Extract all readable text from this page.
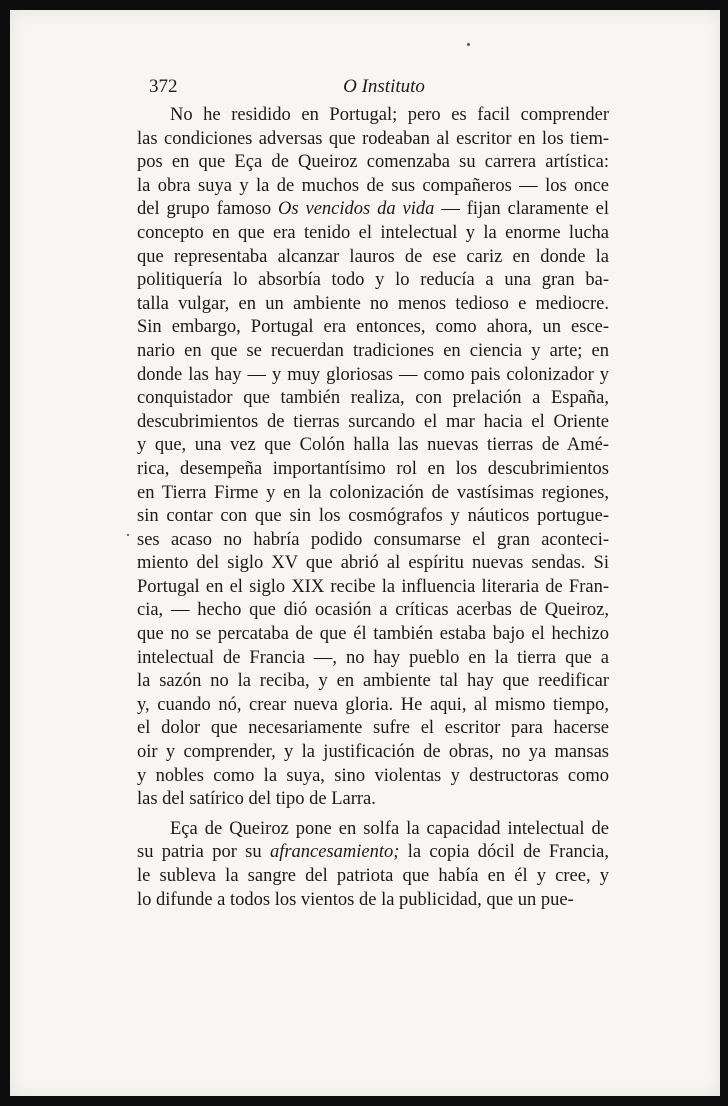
372	O Instituto
No he residido en Portugal; pero es facil comprender
las condiciones adversas que rodeaban al escritor en los tiem-
pos en que Eça de Queiroz comenzaba su carrera artística:
la obra suya y la de muchos de sus compañeros — los once
del grupo famoso Os vencidos da vida — fijan claramente el
concepto en que era tenido el intelectual y la enorme lucha
que representaba alcanzar lauros de ese cariz en donde la
politiquería lo absorbía todo y lo reducía a una gran ba-
talla vulgar, en un ambiente no menos tedioso e mediocre.
Sin embargo, Portugal era entonces, como ahora, un esce-
nario en que se recuerdan tradiciones en ciencia y arte; en
donde las hay — y muy gloriosas — como pais colonizador y
conquistador que también realiza, con prelación a España,
descubrimientos de tierras surcando el mar hacia el Oriente
y que, una vez que Colón halla las nuevas tierras de Amé-
rica, desempeña importantísimo rol en los descubrimientos
en Tierra Firme y en la colonización de vastísimas regiones,
sin contar con que sin los cosmógrafos y náuticos portugue-
ses acaso no habría podido consumarse el gran aconteci-
miento del siglo XV que abrió al espíritu nuevas sendas. Si
Portugal en el siglo XIX recibe la influencia literaria de Fran-
cia, — hecho que dió ocasión a críticas acerbas de Queiroz,
que no se percataba de que él también estaba bajo el hechizo
intelectual de Francia —, no hay pueblo en la tierra que a
la sazón no la reciba, y en ambiente tal hay que reedificar
y, cuando nó, crear nueva gloria. He aqui, al mismo tiempo,
el dolor que necesariamente sufre el escritor para hacerse
oir y comprender, y la justificación de obras, no ya mansas
y nobles como la suya, sino violentas y destructoras como
las del satírico del tipo de Larra.
Eça de Queiroz pone en solfa la capacidad intelectual de
su patria por su afrancesamiento; la copia dócil de Francia,
le subleva la sangre del patriota que había en él y cree, y
lo difunde a todos los vientos de la publicidad, que un pue-
